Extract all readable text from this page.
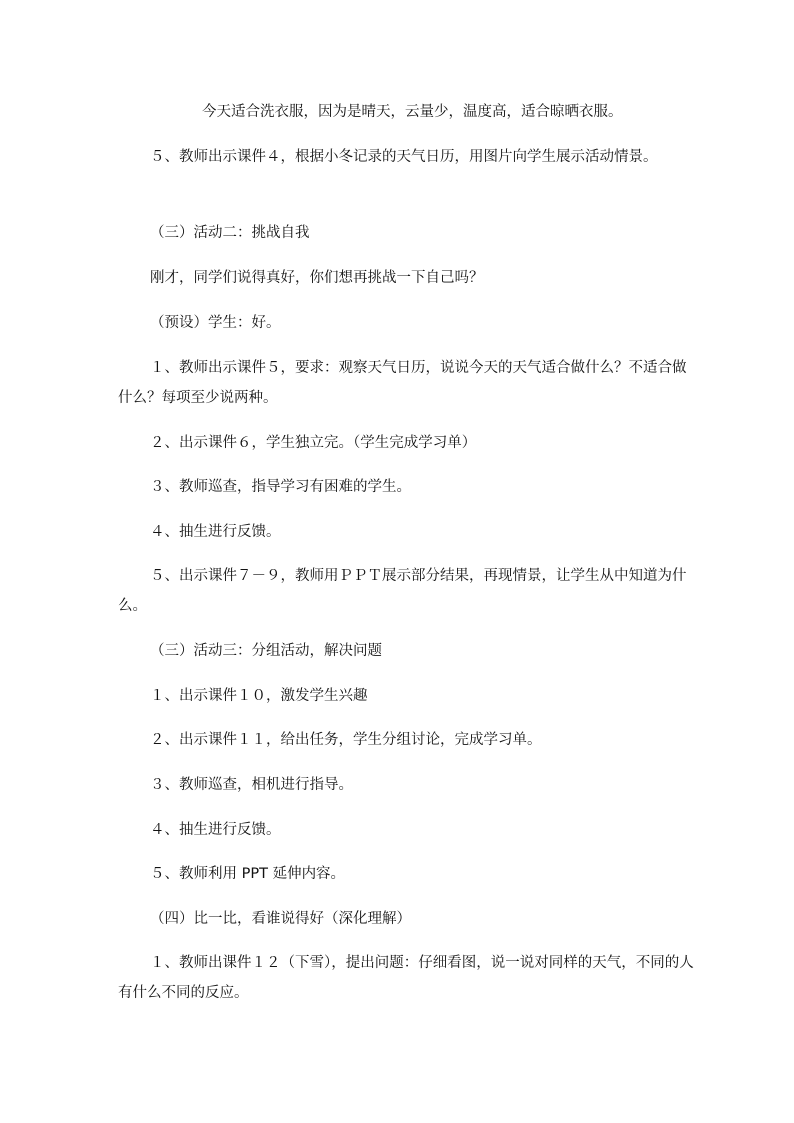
今天适合洗衣服，因为是晴天，云量少，温度高，适合晾晒衣服。

５、教师出示课件４，根据小冬记录的天气日历，用图片向学生展示活动情景。

（三）活动二：挑战自我

刚才，同学们说得真好，你们想再挑战一下自己吗？

（预设）学生：好。

１、教师出示课件５，要求：观察天气日历，说说今天的天气适合做什么？不适合做什么？每项至少说两种。

２、出示课件６，学生独立完。（学生完成学习单）

３、教师巡查，指导学习有困难的学生。

４、抽生进行反馈。

５、出示课件７－９，教师用ＰＰＴ展示部分结果，再现情景，让学生从中知道为什么。

（三）活动三：分组活动，解决问题

１、出示课件１０，激发学生兴趣

２、出示课件１１，给出任务，学生分组讨论，完成学习单。

３、教师巡查，相机进行指导。

４、抽生进行反馈。

５、教师利用 PPT 延伸内容。

（四）比一比，看谁说得好（深化理解）

１、教师出课件１２（下雪），提出问题：仔细看图，说一说对同样的天气，不同的人有什么不同的反应。
